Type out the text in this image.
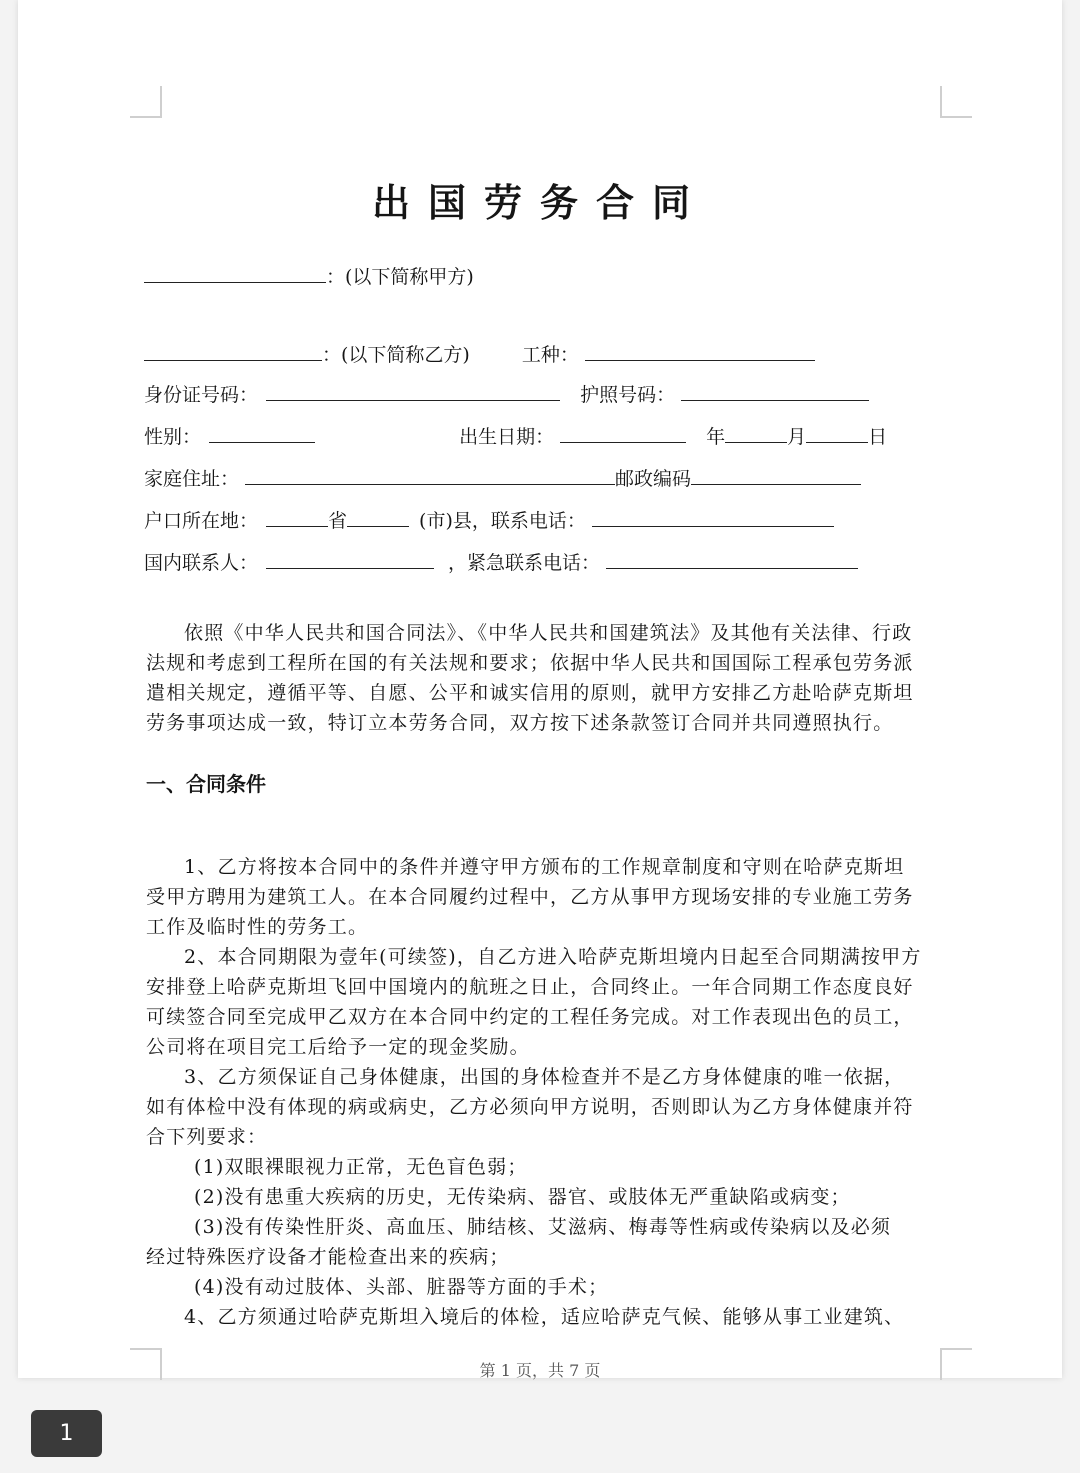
出国劳务合同
：(以下简称甲方)
：(以下简称乙方)	工种：
身份证号码：	护照号码：
性别：	出生日期：	年	月	日
家庭住址：	邮政编码
户口所在地：	省	(市)县，联系电话：
国内联系人：	，紧急联系电话：
依照《中华人民共和国合同法》、《中华人民共和国建筑法》及其他有关法律、行政
法规和考虑到工程所在国的有关法规和要求；依据中华人民共和国国际工程承包劳务派
遣相关规定，遵循平等、自愿、公平和诚实信用的原则，就甲方安排乙方赴哈萨克斯坦
劳务事项达成一致，特订立本劳务合同，双方按下述条款签订合同并共同遵照执行。
一、合同条件
1、乙方将按本合同中的条件并遵守甲方颁布的工作规章制度和守则在哈萨克斯坦
受甲方聘用为建筑工人。在本合同履约过程中，乙方从事甲方现场安排的专业施工劳务
工作及临时性的劳务工。
2、本合同期限为壹年(可续签)，自乙方进入哈萨克斯坦境内日起至合同期满按甲方
安排登上哈萨克斯坦飞回中国境内的航班之日止，合同终止。一年合同期工作态度良好
可续签合同至完成甲乙双方在本合同中约定的工程任务完成。对工作表现出色的员工，
公司将在项目完工后给予一定的现金奖励。
3、乙方须保证自己身体健康，出国的身体检查并不是乙方身体健康的唯一依据，
如有体检中没有体现的病或病史，乙方必须向甲方说明，否则即认为乙方身体健康并符
合下列要求：
(1)双眼裸眼视力正常，无色盲色弱；
(2)没有患重大疾病的历史，无传染病、器官、或肢体无严重缺陷或病变；
(3)没有传染性肝炎、高血压、肺结核、艾滋病、梅毒等性病或传染病以及必须
经过特殊医疗设备才能检查出来的疾病；
(4)没有动过肢体、头部、脏器等方面的手术；
4、乙方须通过哈萨克斯坦入境后的体检，适应哈萨克气候、能够从事工业建筑、
第 1 页，共 7 页
1
